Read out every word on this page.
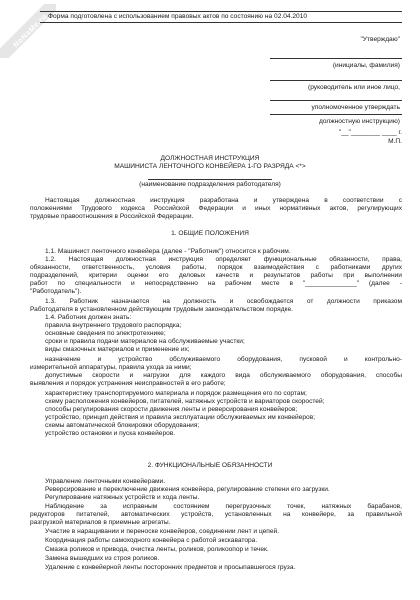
NoNaMe.ru Форма подготовлена с использованием правовых актов по состоянию на 02.04.2010
"Утверждаю"
(инициалы, фамилия)
(руководитель или иное лицо,
уполномоченное утверждать
должностную инструкцию)
"__"________ ____ г.
М.П.
ДОЛЖНОСТНАЯ ИНСТРУКЦИЯ
МАШИНИСТА ЛЕНТОЧНОГО КОНВЕЙЕРА 1-ГО РАЗРЯДА <*>
(наименование подразделения работодателя)
Настоящая должностная инструкция разработана и утверждена в соответствии с
положениями Трудового кодекса Российской Федерации и иных нормативных актов, регулирующих
трудовые правоотношения в Российской Федерации.
1. ОБЩИЕ ПОЛОЖЕНИЯ
1.1. Машинист ленточного конвейера (далее - "Работник") относится к рабочим.
1.2. Настоящая должностная инструкция определяет функциональные обязанности, права,
обязанности, ответственность, условия работы, порядок взаимодействия с работниками других
подразделений, критерии оценки его деловых качеств и результатов работы при выполнении
работ по специальности и непосредственно на рабочем месте в "______________" (далее -
"Работодатель").
1.3. Работник назначается на должность и освобождается от должности приказом
Работодателя в установленном действующим трудовым законодательством порядке.
1.4. Работник должен знать:
правила внутреннего трудового распорядка;
основные сведения по электротехнике;
сроки и правила подачи материалов на обслуживаемые участки;
виды смазочных материалов и применение их;
назначение и устройство обслуживаемого оборудования, пусковой и контрольно-
измерительной аппаратуры, правила ухода за ними;
допустимые скорости и нагрузки для каждого вида обслуживаемого оборудования, способы
выявления и порядок устранения неисправностей в его работе;
характеристику транспортируемого материала и порядок размещения его по сортам;
схему расположения конвейеров, питателей, натяжных устройств и вариаторов скоростей;
способы регулирования скорости движения ленты и реверсирования конвейеров;
устройство, принцип действия и правила эксплуатации обслуживаемых им конвейеров;
схемы автоматической блокировки оборудования;
устройство остановки и пуска конвейеров.
2. ФУНКЦИОНАЛЬНЫЕ ОБЯЗАННОСТИ
Управление ленточными конвейерами.
Реверсирование и переключение движения конвейера, регулирование степени его загрузки.
Регулирование натяжных устройств и хода ленты.
Наблюдение за исправным состоянием перегрузочных точек, натяжных барабанов,
редукторов питателей, автоматических устройств, установленных на конвейере, за правильной
разгрузкой материалов в приемные агрегаты.
Участие в наращивании и переноске конвейеров, соединении лент и цепей.
Координация работы самоходного конвейера с работой экскаватора.
Смазка роликов и привода, очистка ленты, роликов, роликоопор и течек.
Замена вышедших из строя роликов.
Удаление с конвейерной ленты посторонних предметов и просыпавшегося груза.
